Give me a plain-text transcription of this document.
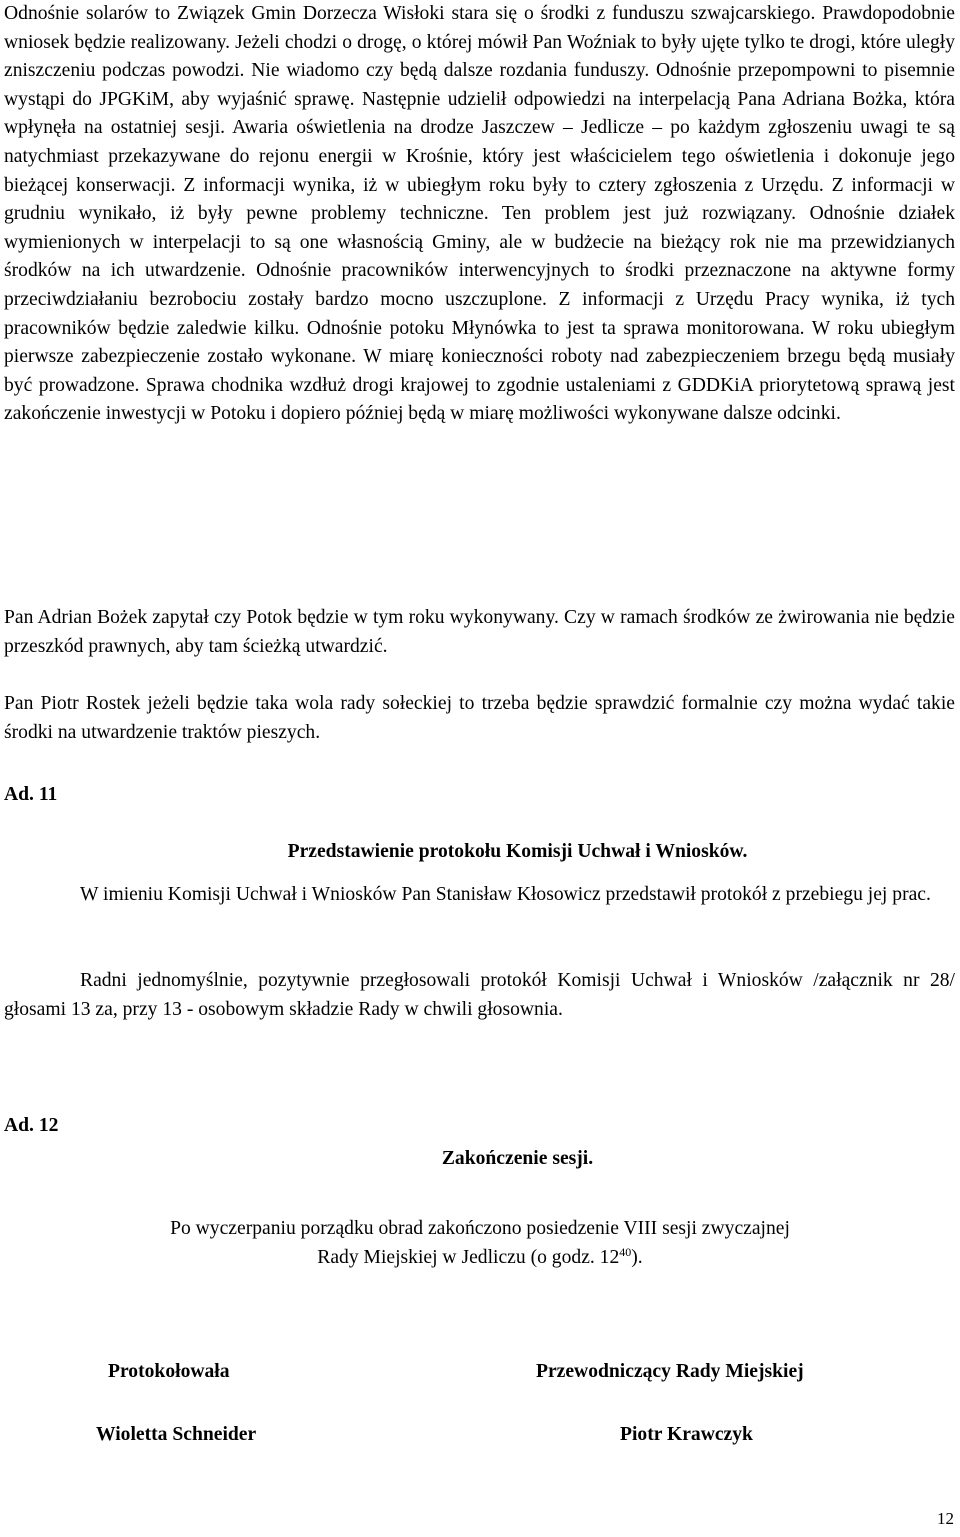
Odnośnie solarów to Związek Gmin Dorzecza Wisłoki stara się o środki z funduszu szwajcarskiego. Prawdopodobnie wniosek będzie realizowany. Jeżeli chodzi o drogę, o której mówił Pan Woźniak to były ujęte tylko te drogi, które uległy zniszczeniu podczas powodzi. Nie wiadomo czy będą dalsze rozdania funduszy. Odnośnie przepompowni to pisemnie wystąpi do JPGKiM, aby wyjaśnić sprawę. Następnie udzielił odpowiedzi na interpelacją Pana Adriana Bożka, która wpłynęła na ostatniej sesji. Awaria oświetlenia na drodze Jaszczew – Jedlicze – po każdym zgłoszeniu uwagi te są natychmiast przekazywane do rejonu energii w Krośnie, który jest właścicielem tego oświetlenia i dokonuje jego bieżącej konserwacji. Z informacji wynika, iż w ubiegłym roku były to cztery zgłoszenia z Urzędu. Z informacji w grudniu wynikało, iż były pewne problemy techniczne. Ten problem jest już rozwiązany. Odnośnie działek wymienionych w interpelacji to są one własnością Gminy, ale w budżecie na bieżący rok nie ma przewidzianych środków na ich utwardzenie. Odnośnie pracowników interwencyjnych to środki przeznaczone na aktywne formy przeciwdziałaniu bezrobociu zostały bardzo mocno uszczuplone. Z informacji z Urzędu Pracy wynika, iż tych pracowników będzie zaledwie kilku. Odnośnie potoku Młynówka to jest ta sprawa monitorowana. W roku ubiegłym pierwsze zabezpieczenie zostało wykonane. W miarę konieczności roboty nad zabezpieczeniem brzegu będą musiały być prowadzone. Sprawa chodnika wzdłuż drogi krajowej to zgodnie ustaleniami z GDDKiA priorytetową sprawą jest zakończenie inwestycji w Potoku i dopiero później będą w miarę możliwości wykonywane dalsze odcinki.

Pan Adrian Bożek zapytał czy Potok będzie w tym roku wykonywany. Czy w ramach środków ze żwirowania nie będzie przeszkód prawnych, aby tam ścieżką utwardzić.

Pan Piotr Rostek jeżeli będzie taka wola rady sołeckiej to trzeba będzie sprawdzić formalnie czy można wydać takie środki na utwardzenie traktów pieszych.

Ad. 11

Przedstawienie protokołu Komisji Uchwał i Wniosków.

W imieniu Komisji Uchwał i Wniosków Pan Stanisław Kłosowicz przedstawił protokół z przebiegu jej prac.

Radni jednomyślnie, pozytywnie przegłosowali protokół Komisji Uchwał i Wniosków /załącznik nr 28/ głosami 13 za, przy 13 - osobowym składzie Rady w chwili głosownia.

Ad. 12

Zakończenie sesji.

Po wyczerpaniu porządku obrad zakończono posiedzenie VIII sesji zwyczajnej

Rady Miejskiej w Jedliczu (o godz. $12^{40}$).

Protokołowała	Przewodniczący Rady Miejskiej

Wioletta Schneider	Piotr Krawczyk

12
